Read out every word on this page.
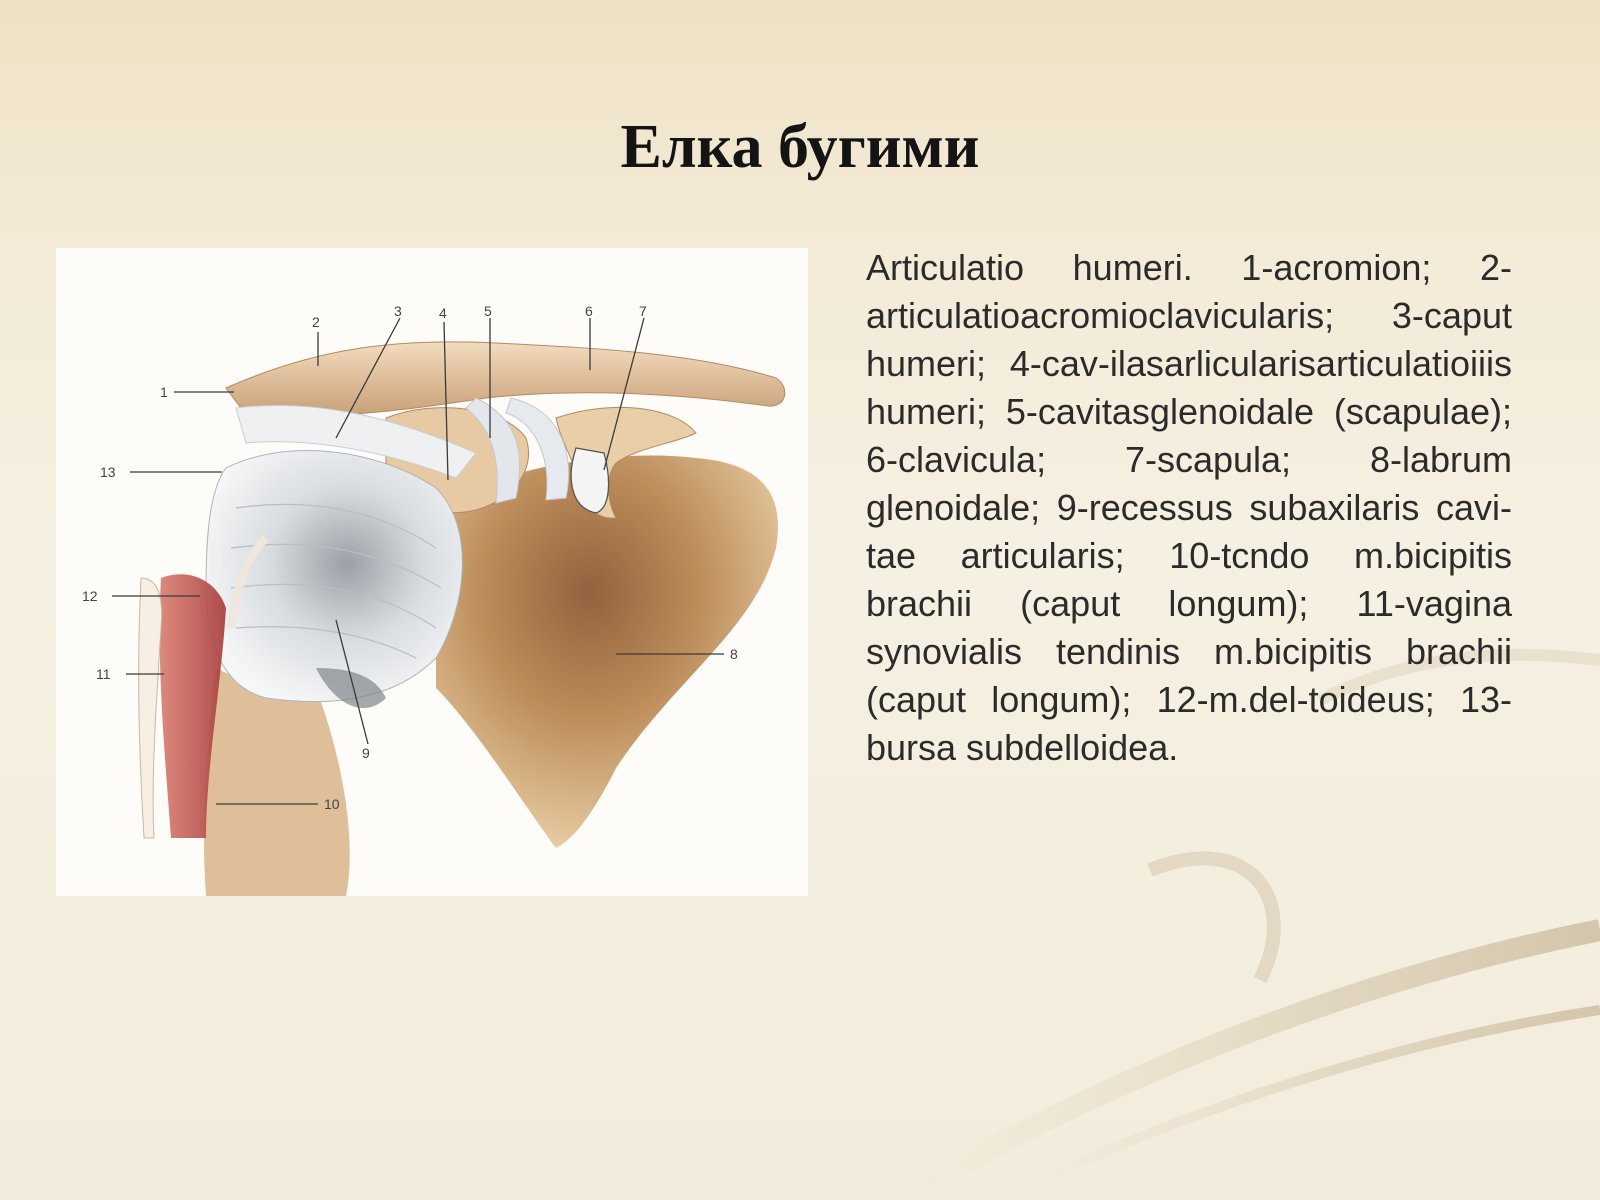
Елка бугими
1
2
3	4	5	6	7
8
9
10
11
12
13

Articulatio humeri. 1-acromion; 2-articulatioacromioclavicularis; 3-caput humeri; 4-cav-ilasarlicularisarticulatioiiis humeri; 5-cavitasglenoidale (scapulae); 6-clavicula; 7-scapula; 8-labrum glenoidale; 9-recessus subaxilaris cavi-tae articularis; 10-tcndo m.bicipitis brachii (caput longum); 11-vagina synovialis tendinis m.bicipitis brachii (caput longum); 12-m.del-toideus; 13-bursa subdelloidea.
